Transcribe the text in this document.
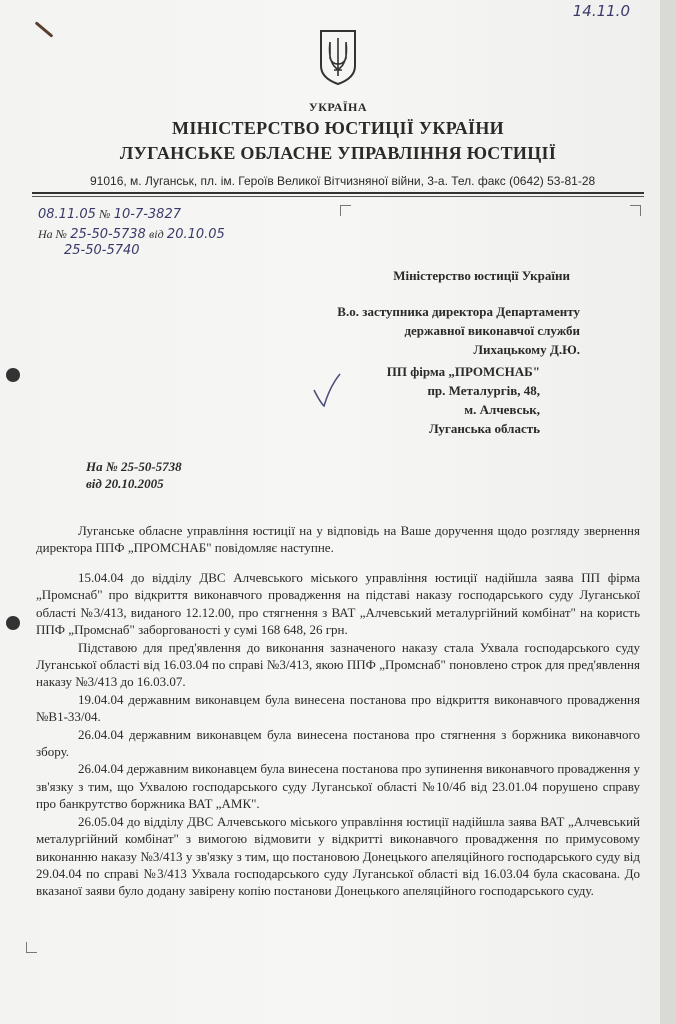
14.11.0
УКРАЇНА
МІНІСТЕРСТВО ЮСТИЦІЇ УКРАЇНИ
ЛУГАНСЬКЕ ОБЛАСНЕ УПРАВЛІННЯ ЮСТИЦІЇ
91016, м. Луганськ, пл. ім. Героїв Великої Вітчизняної війни, 3-а. Тел. факс (0642) 53-81-28
08.11.05 № 10-7-3827
На № 25-50-5738 від 20.10.05
25-50-5740
Міністерство юстиції України
В.о. заступника директора Департаменту
державної виконавчої служби
Лихацькому Д.Ю.
ПП фірма „ПРОМСНАБ"
пр. Металургів, 48,
м. Алчевськ,
Луганська область
На № 25-50-5738
від 20.10.2005

Луганське обласне управління юстиції на у відповідь на Ваше доручення щодо розгляду звернення директора ППФ „ПРОМСНАБ" повідомляє наступне.

15.04.04 до відділу ДВС Алчевського міського управління юстиції надійшла заява ПП фірма „Промснаб" про відкриття виконавчого провадження на підставі наказу господарського суду Луганської області №3/413, виданого 12.12.00, про стягнення з ВАТ „Алчевський металургійний комбінат" на користь ППФ „Промснаб" заборгованості у сумі 168 648, 26 грн.

Підставою для пред'явлення до виконання зазначеного наказу стала Ухвала господарського суду Луганської області від 16.03.04 по справі №3/413, якою ППФ „Промснаб" поновлено строк для пред'явлення наказу №3/413 до 16.03.07.

19.04.04 державним виконавцем була винесена постанова про відкриття виконавчого провадження №В1-33/04.

26.04.04 державним виконавцем була винесена постанова про стягнення з боржника виконавчого збору.

26.04.04 державним виконавцем була винесена постанова про зупинення виконавчого провадження у зв'язку з тим, що Ухвалою господарського суду Луганської області №10/4б від 23.01.04 порушено справу про банкрутство боржника ВАТ „АМК".

26.05.04 до відділу ДВС Алчевського міського управління юстиції надійшла заява ВАТ „Алчевський металургійний комбінат" з вимогою відмовити у відкритті виконавчого провадження по примусовому виконанню наказу №3/413 у зв'язку з тим, що постановою Донецького апеляційного господарського суду від 29.04.04 по справі №3/413 Ухвала господарського суду Луганської області від 16.03.04 була скасована. До вказаної заяви було додану завірену копію постанови Донецького апеляційного господарського суду.
